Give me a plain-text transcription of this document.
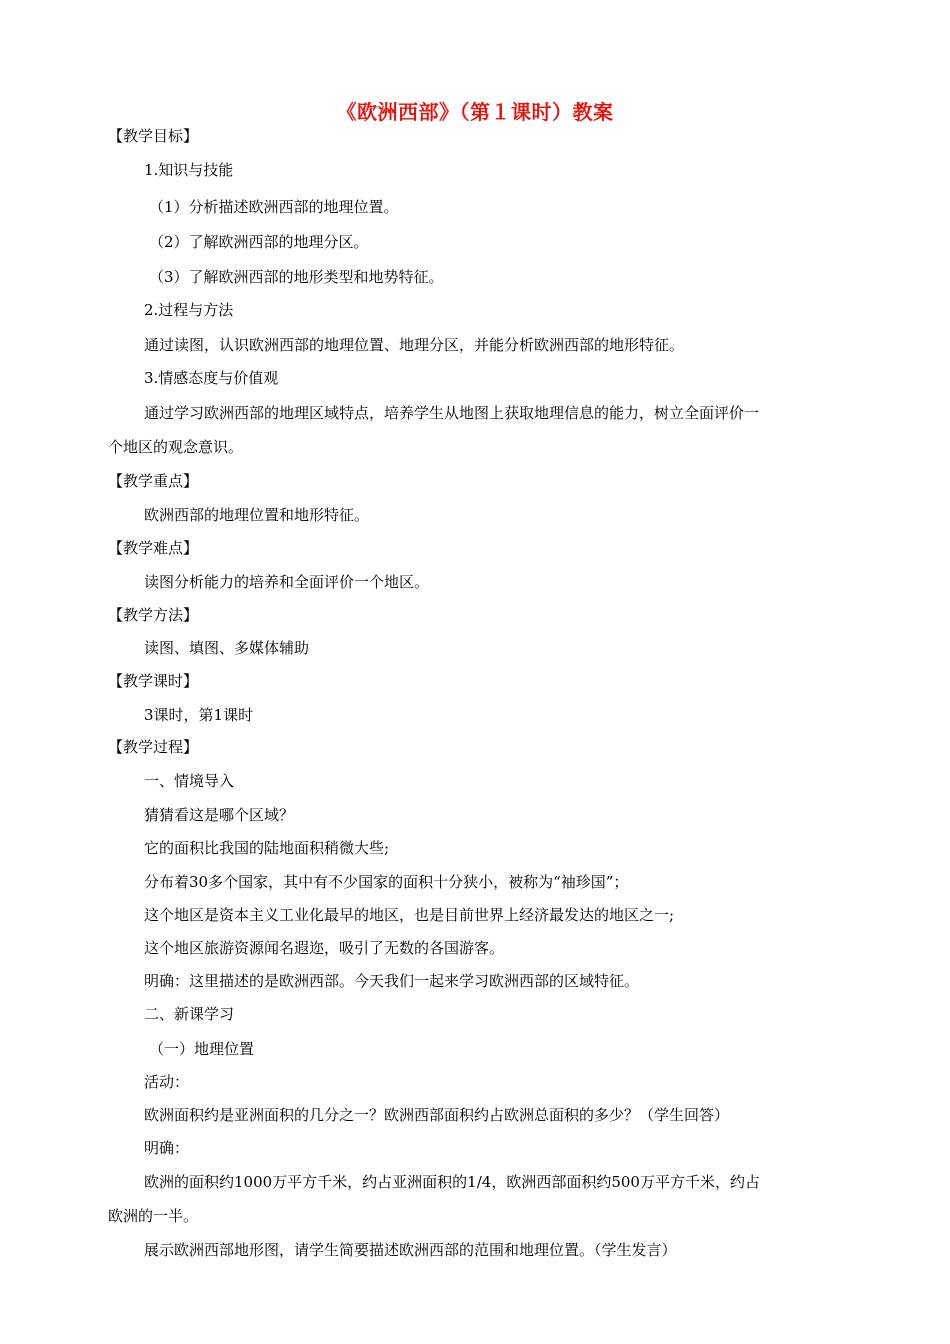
《欧洲西部》（第１课时）教案
【教学目标】
1.知识与技能
（1）分析描述欧洲西部的地理位置。
（2）了解欧洲西部的地理分区。
（3）了解欧洲西部的地形类型和地势特征。
2.过程与方法
通过读图，认识欧洲西部的地理位置、地理分区，并能分析欧洲西部的地形特征。
3.情感态度与价值观
通过学习欧洲西部的地理区域特点，培养学生从地图上获取地理信息的能力，树立全面评价一
个地区的观念意识。
【教学重点】
欧洲西部的地理位置和地形特征。
【教学难点】
读图分析能力的培养和全面评价一个地区。
【教学方法】
读图、填图、多媒体辅助
【教学课时】
3课时，第1课时
【教学过程】
一、情境导入
猜猜看这是哪个区域？
它的面积比我国的陆地面积稍微大些;
分布着30多个国家，其中有不少国家的面积十分狭小，被称为“袖珍国”；
这个地区是资本主义工业化最早的地区，也是目前世界上经济最发达的地区之一;
这个地区旅游资源闻名遐迩，吸引了无数的各国游客。
明确：这里描述的是欧洲西部。今天我们一起来学习欧洲西部的区域特征。
二、新课学习
（一）地理位置
活动：
欧洲面积约是亚洲面积的几分之一？欧洲西部面积约占欧洲总面积的多少？（学生回答）
明确：
欧洲的面积约1000万平方千米，约占亚洲面积的1/4，欧洲西部面积约500万平方千米，约占
欧洲的一半。
展示欧洲西部地形图，请学生简要描述欧洲西部的范围和地理位置。（学生发言）
